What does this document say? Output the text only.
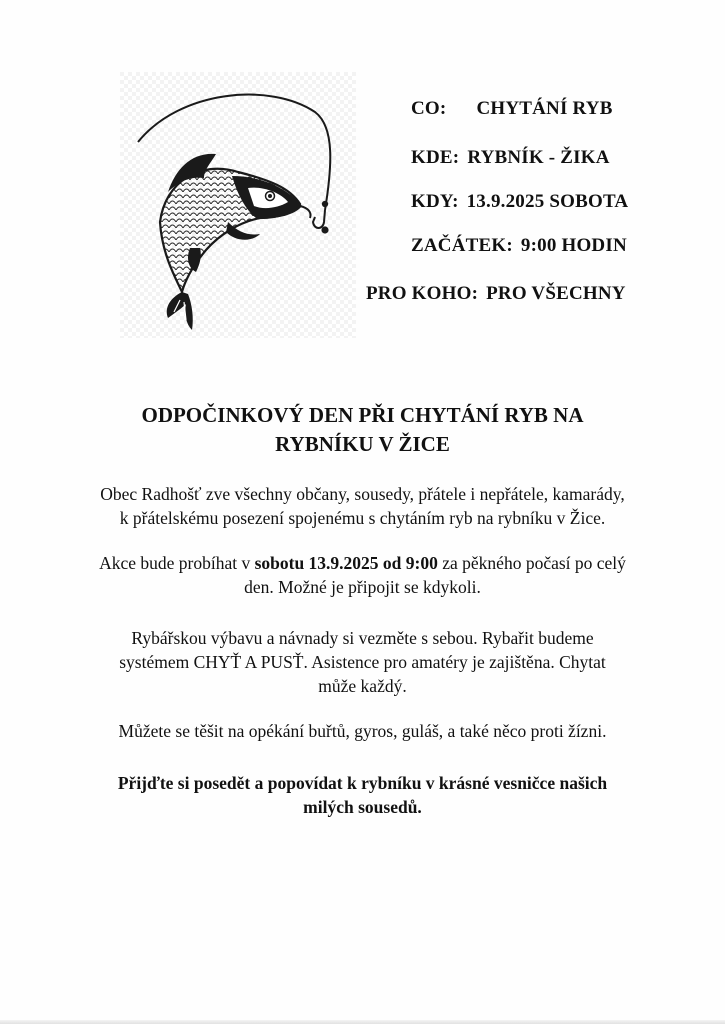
CO: CHYTÁNÍ RYB
KDE: RYBNÍK - ŽIKA
KDY: 13.9.2025 SOBOTA
ZAČÁTEK: 9:00 HODIN
PRO KOHO: PRO VŠECHNY
ODPOČINKOVÝ DEN PŘI CHYTÁNÍ RYB NA
RYBNÍKU V ŽICE
Obec Radhošť zve všechny občany, sousedy, přátele i nepřátele, kamarády,
k přátelskému posezení spojenému s chytáním ryb na rybníku v Žice.
Akce bude probíhat v sobotu 13.9.2025 od 9:00 za pěkného počasí po celý
den. Možné je připojit se kdykoli.
Rybářskou výbavu a návnady si vezměte s sebou. Rybařit budeme
systémem CHYŤ A PUSŤ. Asistence pro amatéry je zajištěna. Chytat
může každý.
Můžete se těšit na opékání buřtů, gyros, guláš, a také něco proti žízni.
Přijďte si posedět a popovídat k rybníku v krásné vesničce našich
milých sousedů.
